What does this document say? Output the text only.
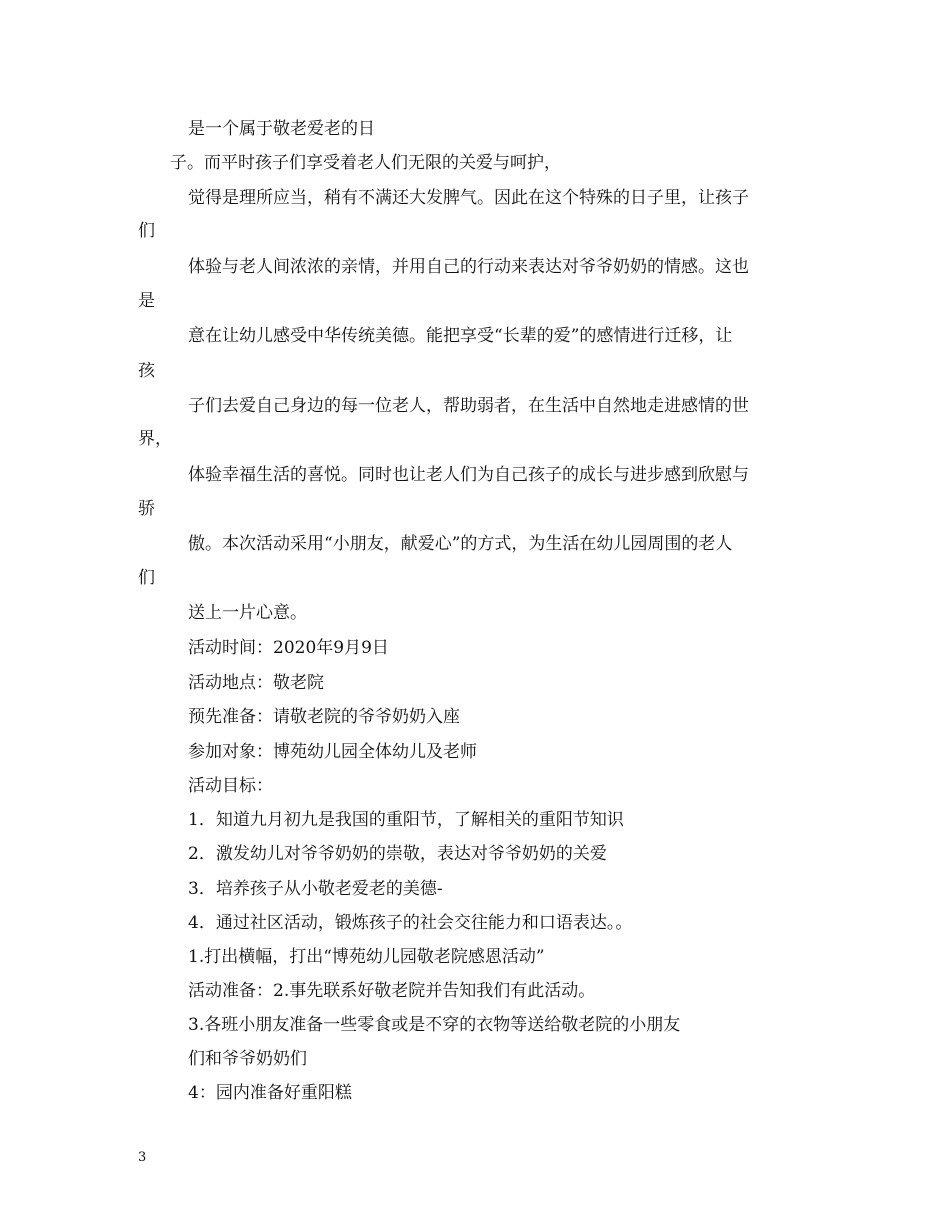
是一个属于敬老爱老的日
子。而平时孩子们享受着老人们无限的关爱与呵护，
觉得是理所应当，稍有不满还大发脾气。因此在这个特殊的日子里，让孩子
们
体验与老人间浓浓的亲情，并用自己的行动来表达对爷爷奶奶的情感。这也
是
意在让幼儿感受中华传统美德。能把享受“长辈的爱”的感情进行迁移，让
孩
子们去爱自己身边的每一位老人，帮助弱者，在生活中自然地走进感情的世
界，
体验幸福生活的喜悦。同时也让老人们为自己孩子的成长与进步感到欣慰与
骄
傲。本次活动采用“小朋友，献爱心”的方式，为生活在幼儿园周围的老人
们
送上一片心意。
活动时间：2020年9月9日
活动地点：敬老院
预先准备：请敬老院的爷爷奶奶入座
参加对象：博苑幼儿园全体幼儿及老师
活动目标：
1．知道九月初九是我国的重阳节，了解相关的重阳节知识
2．激发幼儿对爷爷奶奶的崇敬，表达对爷爷奶奶的关爱
3．培养孩子从小敬老爱老的美德-
4．通过社区活动，锻炼孩子的社会交往能力和口语表达。。
1.打出横幅，打出“博苑幼儿园敬老院感恩活动”
活动准备：2.事先联系好敬老院并告知我们有此活动。
3.各班小朋友准备一些零食或是不穿的衣物等送给敬老院的小朋友
们和爷爷奶奶们
4：园内准备好重阳糕
3
